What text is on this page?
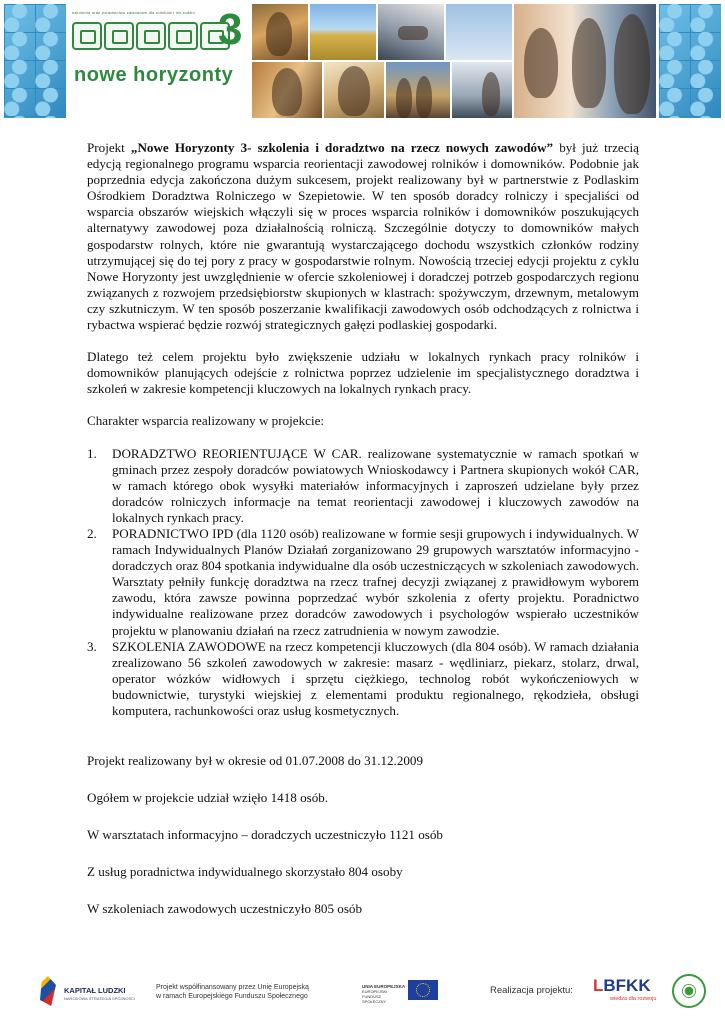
szkolenia oraz poradnictwo zawodowe dla rolników i ich rodzin 3
nowe horyzonty

Projekt „Nowe Horyzonty 3- szkolenia i doradztwo na rzecz nowych zawodów” był już trzecią edycją regionalnego programu wsparcia reorientacji zawodowej rolników i domowników. Podobnie jak poprzednia edycja zakończona dużym sukcesem, projekt realizowany był w partnerstwie z Podlaskim Ośrodkiem Doradztwa Rolniczego w Szepietowie. W ten sposób doradcy rolniczy i specjaliści od wsparcia obszarów wiejskich włączyli się w proces wsparcia rolników i domowników poszukujących alternatywy zawodowej poza działalnością rolniczą. Szczególnie dotyczy to domowników małych gospodarstw rolnych, które nie gwarantują wystarczającego dochodu wszystkich członków rodziny utrzymującej się do tej pory z pracy w gospodarstwie rolnym. Nowością trzeciej edycji projektu z cyklu Nowe Horyzonty jest uwzględnienie w ofercie szkoleniowej i doradczej potrzeb gospodarczych regionu związanych z rozwojem przedsiębiorstw skupionych w klastrach: spożywczym, drzewnym, metalowym czy szkutniczym. W ten sposób poszerzanie kwalifikacji zawodowych osób odchodzących z rolnictwa i rybactwa wspierać będzie rozwój strategicznych gałęzi podlaskiej gospodarki.

Dlatego też celem projektu było zwiększenie udziału w lokalnych rynkach pracy rolników i domowników planujących odejście z rolnictwa poprzez udzielenie im specjalistycznego doradztwa i szkoleń w zakresie kompetencji kluczowych na lokalnych rynkach pracy.

Charakter wsparcia realizowany w projekcie:

1. DORADZTWO REORIENTUJĄCE W CAR. realizowane systematycznie w ramach spotkań w gminach przez zespoły doradców powiatowych Wnioskodawcy i Partnera skupionych wokół CAR, w ramach którego obok wysyłki materiałów informacyjnych i zaproszeń udzielane były przez doradców rolniczych informacje na temat reorientacji zawodowej i kluczowych zawodów na lokalnych rynkach pracy.
2. PORADNICTWO IPD (dla 1120 osób) realizowane w formie sesji grupowych i indywidualnych. W ramach Indywidualnych Planów Działań zorganizowano 29 grupowych warsztatów informacyjno - doradczych oraz 804 spotkania indywidualne dla osób uczestniczących w szkoleniach zawodowych. Warsztaty pełniły funkcję doradztwa na rzecz trafnej decyzji związanej z prawidłowym wyborem zawodu, która zawsze powinna poprzedzać wybór szkolenia z oferty projektu. Poradnictwo indywidualne realizowane przez doradców zawodowych i psychologów wspierało uczestników projektu w planowaniu działań na rzecz zatrudnienia w nowym zawodzie.
3. SZKOLENIA ZAWODOWE na rzecz kompetencji kluczowych (dla 804 osób). W ramach działania zrealizowano 56 szkoleń zawodowych w zakresie: masarz - wędliniarz, piekarz, stolarz, drwal, operator wózków widłowych i sprzętu ciężkiego, technolog robót wykończeniowych w budownictwie, turystyki wiejskiej z elementami produktu regionalnego, rękodzieła, obsługi komputera, rachunkowości oraz usług kosmetycznych.

Projekt realizowany był w okresie od 01.07.2008 do 31.12.2009

Ogółem w projekcie udział wzięło 1418 osób.

W warsztatach informacyjno – doradczych uczestniczyło 1121 osób

Z usług poradnictwa indywidualnego skorzystało 804 osoby

W szkoleniach zawodowych uczestniczyło 805 osób

KAPITAŁ LUDZKI
NARODOWA STRATEGIA SPÓJNOŚCI
Projekt współfinansowany przez Unię Europejską
w ramach Europejskiego Funduszu Społecznego
UNIA EUROPEJSKA
EUROPEJSKI
FUNDUSZ SPOŁECZNY
Realizacja projektu: LBFKK
wiedza dla rozwoju
